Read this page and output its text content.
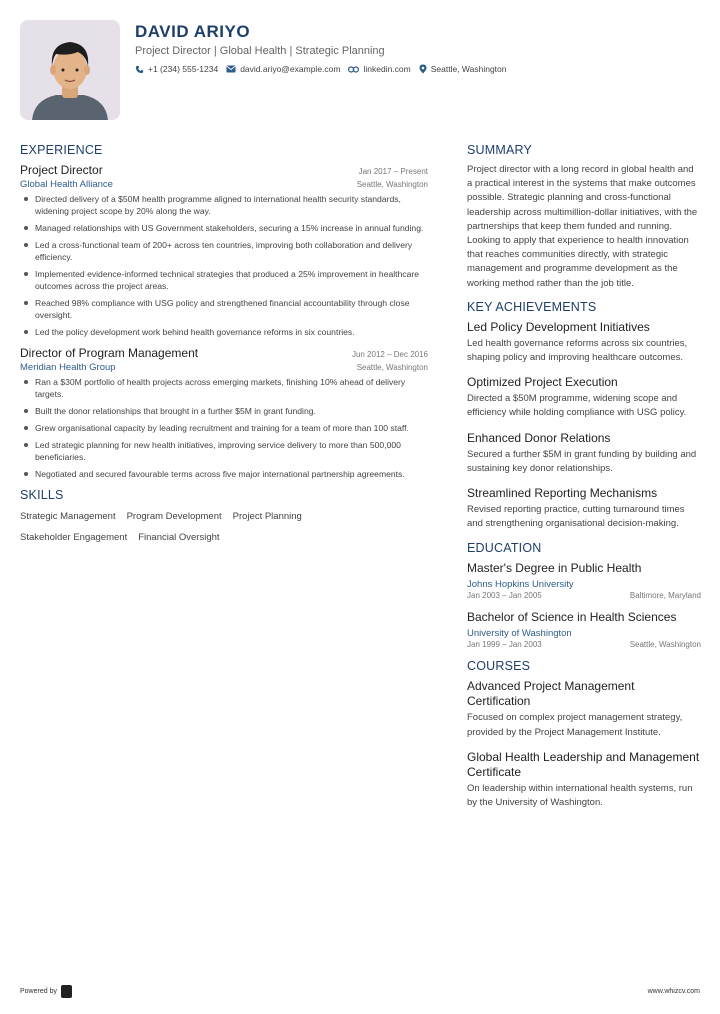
DAVID ARIYO
Project Director | Global Health | Strategic Planning
+1 (234) 555-1234	david.ariyo@example.com	linkedin.com Seattle, Washington
EXPERIENCE
Project Director	Jan 2017 – Present
Global Health Alliance	Seattle, Washington
Directed delivery of a $50M health programme aligned to international health security standards, widening project scope by 20% along the way.
Managed relationships with US Government stakeholders, securing a 15% increase in annual funding.
Led a cross-functional team of 200+ across ten countries, improving both collaboration and delivery efficiency.
Implemented evidence-informed technical strategies that produced a 25% improvement in healthcare outcomes across the project areas.
Reached 98% compliance with USG policy and strengthened financial accountability through close oversight.
Led the policy development work behind health governance reforms in six countries.
Director of Program Management	Jun 2012 – Dec 2016
Meridian Health Group	Seattle, Washington
Ran a $30M portfolio of health projects across emerging markets, finishing 10% ahead of delivery targets.
Built the donor relationships that brought in a further $5M in grant funding.
Grew organisational capacity by leading recruitment and training for a team of more than 100 staff.
Led strategic planning for new health initiatives, improving service delivery to more than 500,000 beneficiaries.
Negotiated and secured favourable terms across five major international partnership agreements.
SKILLS
Strategic Management Program Development Project Planning
Stakeholder Engagement Financial Oversight
SUMMARY

Project director with a long record in global health and a practical interest in the systems that make outcomes possible. Strategic planning and cross-functional leadership across multimillion-dollar initiatives, with the partnerships that keep them funded and running. Looking to apply that experience to health innovation that reaches communities directly, with strategic management and programme development as the working method rather than the job title.

KEY ACHIEVEMENTS
Led Policy Development Initiatives
Led health governance reforms across six countries, shaping policy and improving healthcare outcomes.
Optimized Project Execution
Directed a $50M programme, widening scope and efficiency while holding compliance with USG policy.
Enhanced Donor Relations
Secured a further $5M in grant funding by building and sustaining key donor relationships.
Streamlined Reporting Mechanisms
Revised reporting practice, cutting turnaround times and strengthening organisational decision-making.
EDUCATION
Master's Degree in Public Health
Johns Hopkins University
Jan 2003 – Jan 2005	Baltimore, Maryland
Bachelor of Science in Health Sciences
University of Washington
Jan 1999 – Jan 2003	Seattle, Washington
COURSES
Advanced Project Management Certification
Focused on complex project management strategy, provided by the Project Management Institute.
Global Health Leadership and Management Certificate
On leadership within international health systems, run by the University of Washington.
Powered by	www.whizcv.com
